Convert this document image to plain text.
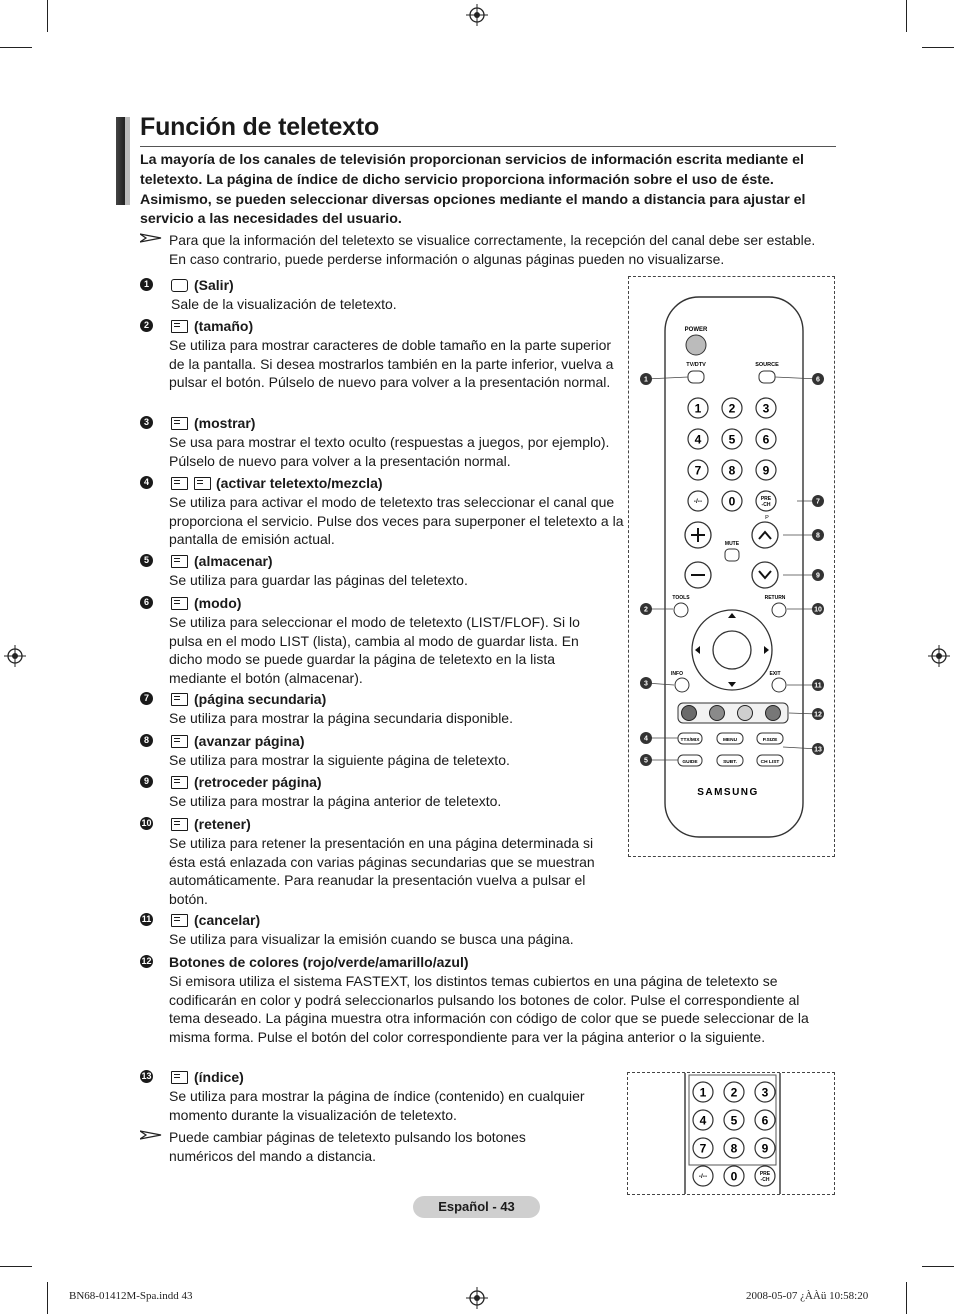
Función de teletexto

La mayoría de los canales de televisión proporcionan servicios de información escrita mediante el teletexto. La página de índice de dicho servicio proporciona información sobre el uso de éste. Asimismo, se pueden seleccionar diversas opciones mediante el mando a distancia para ajustar el servicio a las necesidades del usuario.

Para que la información del teletexto se visualice correctamente, la recepción del canal debe ser estable. En caso contrario, puede perderse información o algunas páginas pueden no visualizarse.

1	(Salir)

Sale de la visualización de teletexto.

2	(tamaño)

Se utiliza para mostrar caracteres de doble tamaño en la parte superior de la pantalla. Si desea mostrarlos también en la parte inferior, vuelva a pulsar el botón. Púlselo de nuevo para volver a la presentación normal.

3	(mostrar)

Se usa para mostrar el texto oculto (respuestas a juegos, por ejemplo). Púlselo de nuevo para volver a la presentación normal.

4	(activar teletexto/mezcla)

Se utiliza para activar el modo de teletexto tras seleccionar el canal que proporciona el servicio. Pulse dos veces para superponer el teletexto a la pantalla de emisión actual.

5	(almacenar)

Se utiliza para guardar las páginas del teletexto.

6	(modo)

Se utiliza para seleccionar el modo de teletexto (LIST/FLOF). Si lo pulsa en el modo LIST (lista), cambia al modo de guardar lista. En dicho modo se puede guardar la página de teletexto en la lista mediante el botón (almacenar).

7	(página secundaria)

Se utiliza para mostrar la página secundaria disponible.

8	(avanzar página)

Se utiliza para mostrar la siguiente página de teletexto.

9	(retroceder página)

Se utiliza para mostrar la página anterior de teletexto.

10	(retener)

Se utiliza para retener la presentación en una página determinada si ésta está enlazada con varias páginas secundarias que se muestran automáticamente. Para reanudar la presentación vuelva a pulsar el botón.

11	(cancelar)

Se utiliza para visualizar la emisión cuando se busca una página.

12 Botones de colores (rojo/verde/amarillo/azul)

Si emisora utiliza el sistema FASTEXT, los distintos temas cubiertos en una página de teletexto se codificarán en color y podrá seleccionarlos pulsando los botones de color. Pulse el correspondiente al tema deseado. La página muestra otra información con código de color que se puede seleccionar de la misma forma. Pulse el botón del color correspondiente para ver la página anterior o la siguiente.

13	(índice)

Se utiliza para mostrar la página de índice (contenido) en cualquier momento durante la visualización de teletexto.

Puede cambiar páginas de teletexto pulsando los botones numéricos del mando a distancia.

POWER
TV/DTV	SOURCE
1 2 3
4 5 6
7 8 9
-/-- 0	PRE
-CH
P
MUTE
TOOLS	RETURN
INFO	EXIT
TTX/MIX	MENU	P.SIZE
GUIDE	SUBT.	CH LIST
SAMSUNG
1
2
3
4
5
6
7
8
9
10
11
12
13
1 2 3
4 5 6
7 8 9
-/-- 0	PRE
-CH
Español - 43
BN68-01412M-Spa.indd 43	2008-05-07 ¿ÀÀü 10:58:20
